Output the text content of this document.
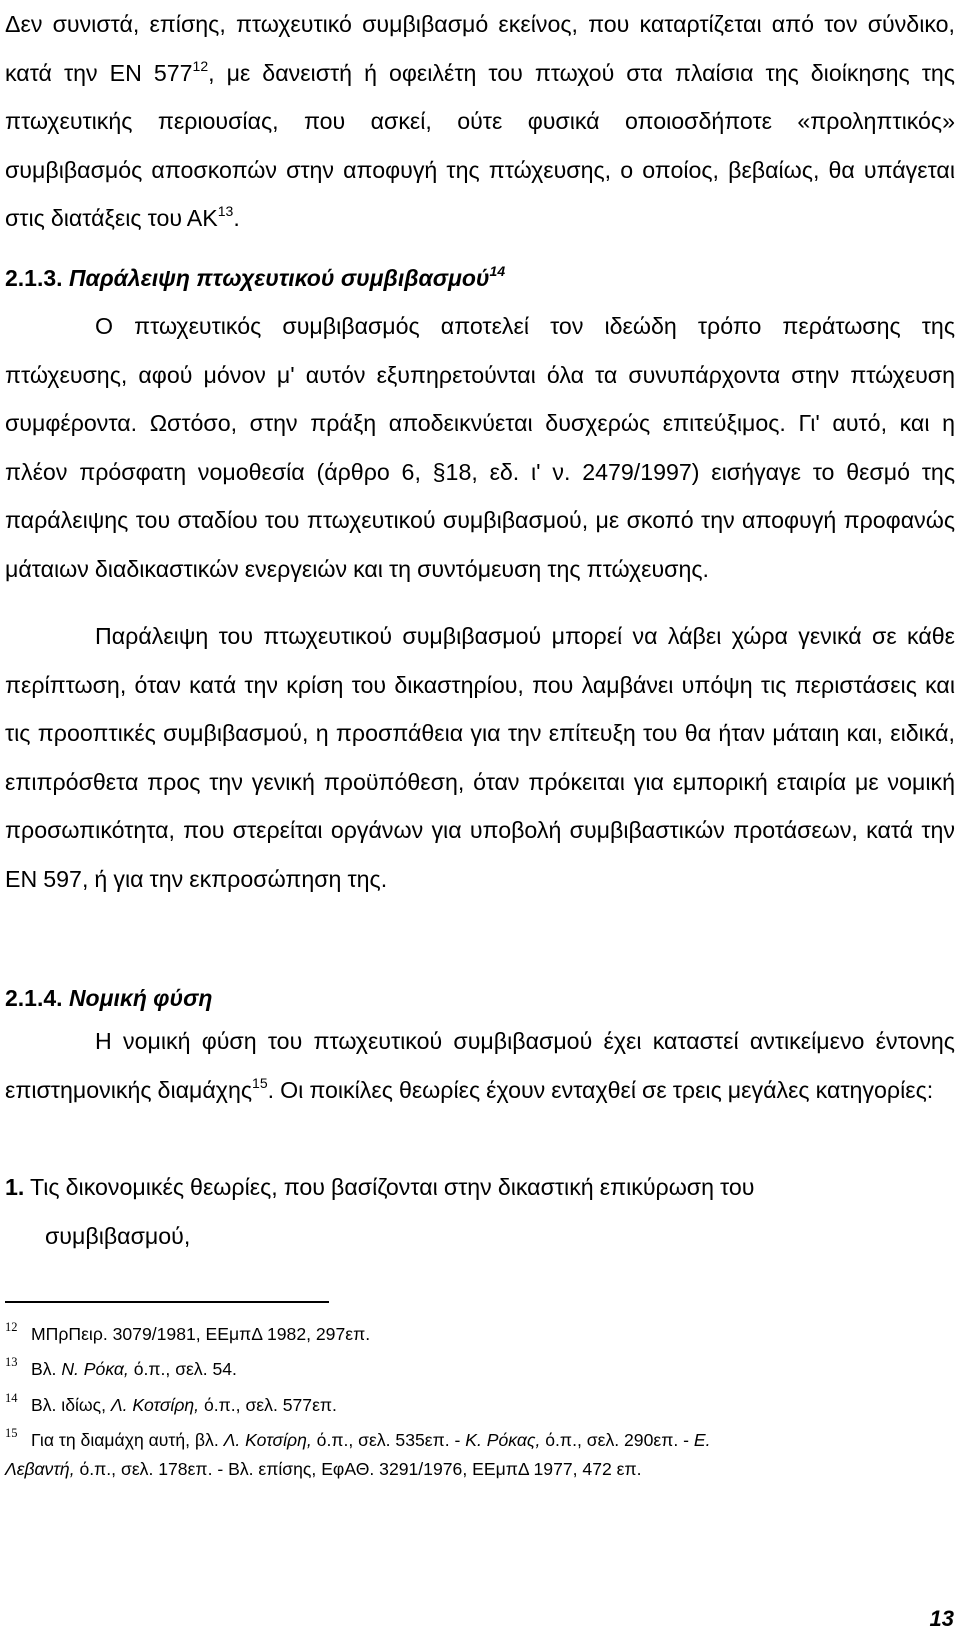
Δεν συνιστά, επίσης, πτωχευτικό συμβιβασμό εκείνος, που καταρτίζεται από τον σύνδικο, κατά την ΕΝ 577$^{12}$, με δανειστή ή οφειλέτη του πτωχού στα πλαίσια της διοίκησης της πτωχευτικής περιουσίας, που ασκεί, ούτε φυσικά οποιοσδήποτε «προληπτικός» συμβιβασμός αποσκοπών στην αποφυγή της πτώχευσης, ο οποίος, βεβαίως, θα υπάγεται στις διατάξεις του ΑΚ$^{13}$.

2.1.3. Παράλειψη πτωχευτικού συμβιβασμού$^{14}$

Ο πτωχευτικός συμβιβασμός αποτελεί τον ιδεώδη τρόπο περάτωσης της πτώχευσης, αφού μόνον μ' αυτόν εξυπηρετούνται όλα τα συνυπάρχοντα στην πτώχευση συμφέροντα. Ωστόσο, στην πράξη αποδεικνύεται δυσχερώς επιτεύξιμος. Γι' αυτό, και η πλέον πρόσφατη νομοθεσία (άρθρο 6, §18, εδ. ι' ν. 2479/1997) εισήγαγε το θεσμό της παράλειψης του σταδίου του πτωχευτικού συμβιβασμού, με σκοπό την αποφυγή προφανώς μάταιων διαδικαστικών ενεργειών και τη συντόμευση της πτώχευσης.

Παράλειψη του πτωχευτικού συμβιβασμού μπορεί να λάβει χώρα γενικά σε κάθε περίπτωση, όταν κατά την κρίση του δικαστηρίου, που λαμβάνει υπόψη τις περιστάσεις και τις προοπτικές συμβιβασμού, η προσπάθεια για την επίτευξη του θα ήταν μάταιη και, ειδικά, επιπρόσθετα προς την γενική προϋπόθεση, όταν πρόκειται για εμπορική εταιρία με νομική προσωπικότητα, που στερείται οργάνων για υποβολή συμβιβαστικών προτάσεων, κατά την ΕΝ 597, ή για την εκπροσώπηση της.

2.1.4. Νομική φύση

Η νομική φύση του πτωχευτικού συμβιβασμού έχει καταστεί αντικείμενο έντονης επιστημονικής διαμάχης$^{15}$. Οι ποικίλες θεωρίες έχουν ενταχθεί σε τρεις μεγάλες κατηγορίες:

1. Τις δικονομικές θεωρίες, που βασίζονται στην δικαστική επικύρωση του
συμβιβασμού,
12 ΜΠρΠειρ. 3079/1981, ΕΕμπΔ 1982, 297επ.
13 Βλ. Ν. Ρόκα, ό.π., σελ. 54.
14 Βλ. ιδίως, Λ. Κοτσίρη, ό.π., σελ. 577επ.
15 Για τη διαμάχη αυτή, βλ. Λ. Κοτσίρη, ό.π., σελ. 535επ. - Κ. Ρόκας, ό.π., σελ. 290επ. - Ε.
Λεβαντή, ό.π., σελ. 178επ. - Βλ. επίσης, ΕφΑΘ. 3291/1976, ΕΕμπΔ 1977, 472 επ.
13
